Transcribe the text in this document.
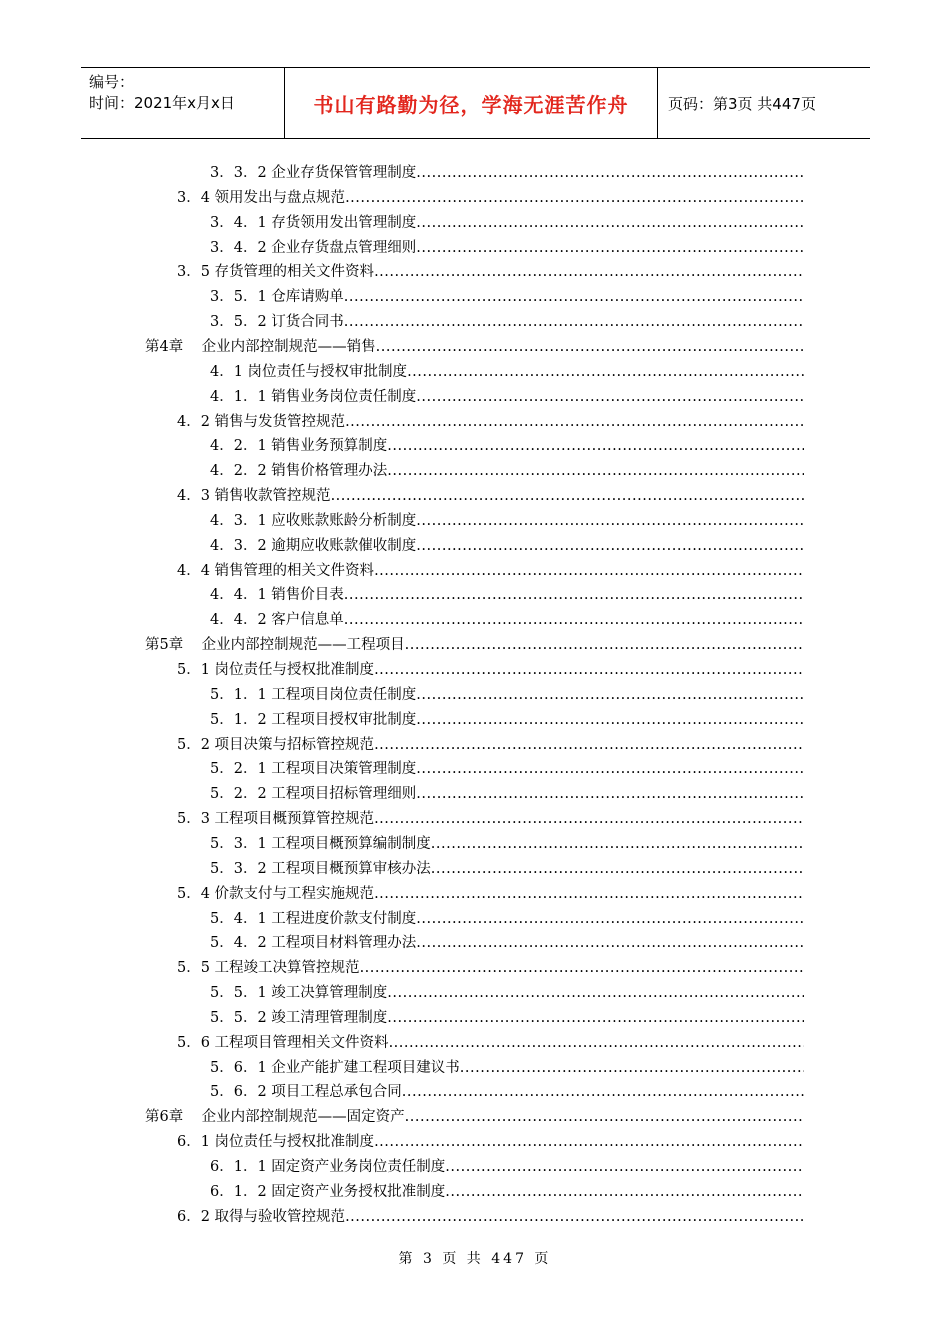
编号：
时间：2021年x月x日	书山有路勤为径，学海无涯苦作舟	页码：第3页 共447页
3．3．2 企业存货保管管理制度
.....
3．4 领用发出与盘点规范
.....
3．4．1 存货领用发出管理制度
.....
3．4．2 企业存货盘点管理细则
.....
3．5 存货管理的相关文件资料
.....
3．5．1 仓库请购单
.....
3．5．2 订货合同书
.....
第4章    企业内部控制规范——销售
.....
4．1 岗位责任与授权审批制度
.....
4．1．1 销售业务岗位责任制度
.....
4．2 销售与发货管控规范
.....
4．2．1 销售业务预算制度
.....
4．2．2 销售价格管理办法
.....
4．3 销售收款管控规范
.....
4．3．1 应收账款账龄分析制度
.....
4．3．2 逾期应收账款催收制度
.....
4．4 销售管理的相关文件资料
.....
4．4．1 销售价目表
.....
4．4．2 客户信息单
.....
第5章    企业内部控制规范——工程项目
.....
5．1 岗位责任与授权批准制度
.....
5．1．1 工程项目岗位责任制度
.....
5．1．2 工程项目授权审批制度
.....
5．2 项目决策与招标管控规范
.....
5．2．1 工程项目决策管理制度
.....
5．2．2 工程项目招标管理细则
.....
5．3 工程项目概预算管控规范
.....
5．3．1 工程项目概预算编制制度
.....
5．3．2 工程项目概预算审核办法
.....
5．4 价款支付与工程实施规范
.....
5．4．1 工程进度价款支付制度
.....
5．4．2 工程项目材料管理办法
.....
5．5 工程竣工决算管控规范
.....
5．5．1 竣工决算管理制度
.....
5．5．2 竣工清理管理制度
.....
5．6 工程项目管理相关文件资料
.....
5．6．1 企业产能扩建工程项目建议书
.....
5．6．2 项目工程总承包合同
.....
第6章    企业内部控制规范——固定资产
.....
6．1 岗位责任与授权批准制度
.....
6．1．1 固定资产业务岗位责任制度
.....
6．1．2 固定资产业务授权批准制度
.....
6．2 取得与验收管控规范
.....
第 3 页 共 447 页
